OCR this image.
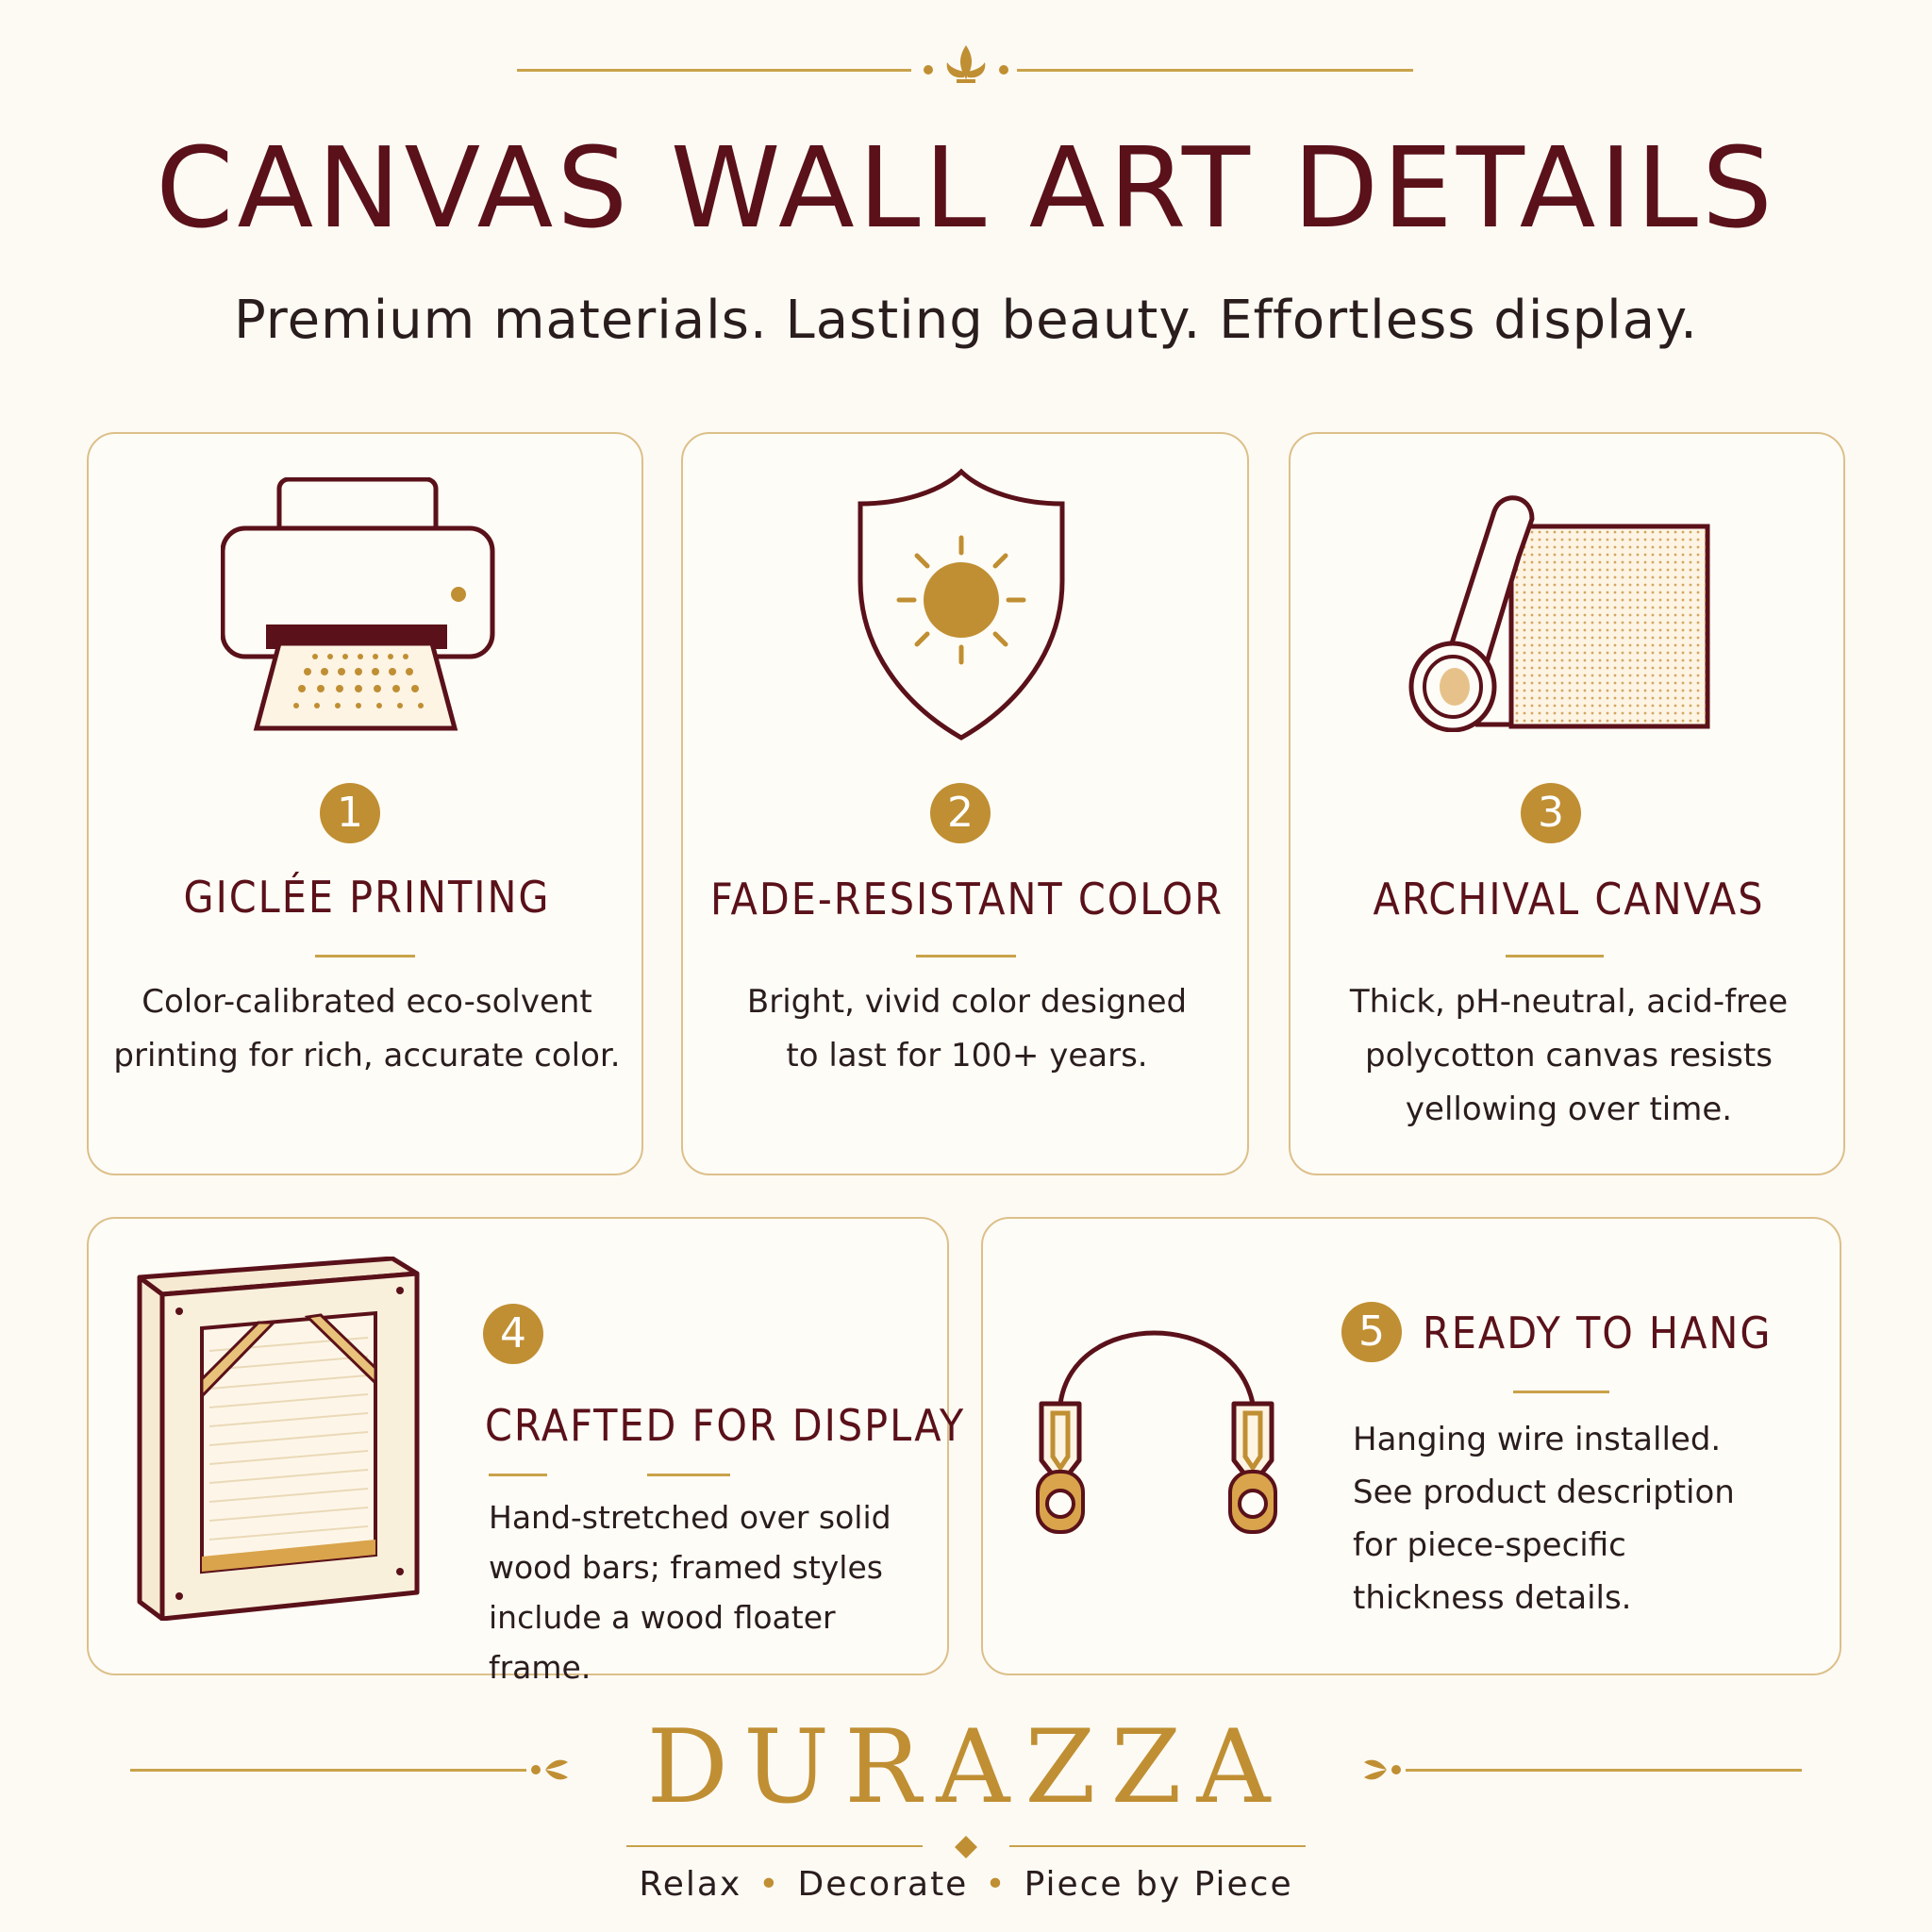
CANVAS WALL ART DETAILS
Premium materials. Lasting beauty. Effortless display.
1
GICLÉE PRINTING
Color-calibrated eco-solvent
printing for rich, accurate color.
2
FADE-RESISTANT COLOR
Bright, vivid color designed
to last for 100+ years.
3
ARCHIVAL CANVAS
Thick, pH-neutral, acid-free
polycotton canvas resists
yellowing over time.
4
CRAFTED FOR DISPLAY
Hand-stretched over solid
wood bars; framed styles
include a wood floater frame.
5 READY TO HANG
Hanging wire installed.
See product description
for piece-specific
thickness details.
DURAZZA
Relax • Decorate • Piece by Piece
